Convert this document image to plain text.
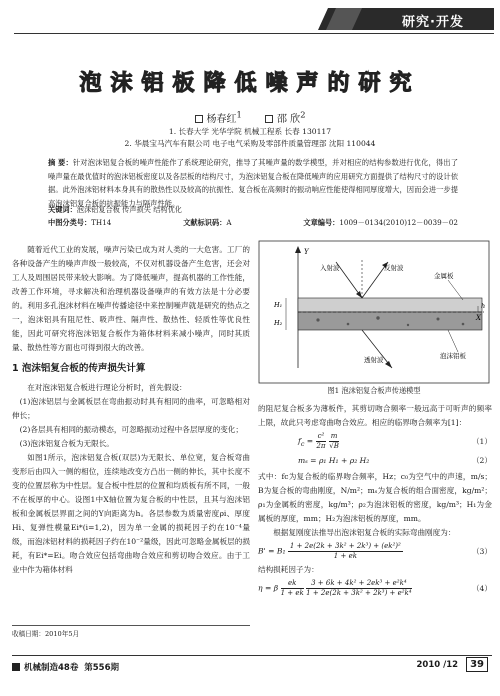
研究·开发
泡沫铝板降低噪声的研究
杨春红$^1$	邵 欣$^2$
1. 长春大学 光华学院 机械工程系 长春 130117
2. 华晨宝马汽车有限公司 电子电气采购及零部件质量管理部 沈阳 110044
摘 要：针对泡沫铝复合板的噪声性能作了系统理论研究，推导了其噪声量的数学模型，并对相应的结构参数进行优化，得出了噪声量在最优值时的泡沫铝板密度以及各层板的结构尺寸，为泡沫铝复合板在降低噪声的应用研究方面提供了结构尺寸的设计依据。此外泡沫铝材料本身具有的散热性以及较高的抗振性、复合板在高频时的振动响应性能使得相同厚度增大，因而会进一步提高泡沫铝复合板的抗振能力与隔声性能。
关键词：泡沫铝复合板 传声损失 结构优化
中图分类号：TH14	文献标识码：A	文章编号：1009－0134(2010)12－0039－02

随着近代工业的发展，噪声污染已成为对人类的一大危害。工厂的各种设备产生的噪声声级一般较高，不仅对机器设备产生危害，还会对工人及周围居民带来较大影响。为了降低噪声，提高机器的工作性能，改善工作环境，寻求解决和治理机器设备噪声的有效方法是十分必要的。利用多孔泡沫材料在噪声传播途径中来控制噪声就是研究的热点之一，泡沫铝具有阻尼性、吸声性、隔声性、散热性、轻质性等优良性能，因此可研究将泡沫铝复合板作为箱体材料来减小噪声，同时其质量、散热性等方面也可得到很大的改善。

1 泡沫铝复合板的传声损失计算

在对泡沫铝复合板进行理论分析时，首先假设：

(1)泡沫铝层与金属板层在弯曲振动时具有相同的曲率，可忽略相对伸长；

(2)各层具有相同的振动模态，可忽略振动过程中各层厚度的变化；

(3)泡沫铝复合板为无限长。

如图1所示，泡沫铝复合板(双层)为无限长、单位宽，复合板弯曲变形后由四入一侧的相位，连续地改变方凸出一侧的伸长，其中长度不变的位置层称为中性层。复合板中性层的位置和均质板有所不同，一般不在板厚的中心。设图1中X轴位置为复合板的中性层，且其与泡沫铝板和金属板层界面之间的Y向距离为h。各层参数为质量密度ρi、厚度Hi、复弹性模量Ei*(i=1,2)，因为单一金属的损耗因子约在10⁻⁴量级，而泡沫铝材料的损耗因子约在10⁻²量级，因此可忽略金属板层的损耗，有Ei*=Ei。吻合效应包括弯曲吻合效应和剪切吻合效应。由于工业中作为箱体材料

收稿日期：2010年5月
Y
X
入射波	反射波
金属板
H₁
H₂
h
透射波	泡沫铝板
图1 泡沫铝复合板声传递模型

的阻尼复合板多为薄板件，其剪切吻合频率一般远高于可听声的频率上限，故此只考虑弯曲吻合效应。相应的临界吻合频率为[1]：

$f_c = \frac{\text{c²}}{2\pi}$
$\frac{m}{√B}$	（1）
mₛ = ρ₁ H₁ + ρ₂ H₂	（2）

式中：fc为复合板的临界吻合频率，Hz；c₀为空气中的声速，m/s；B为复合板的弯曲刚度，N/m²；mₛ为复合板的组合面密度，kg/m²；ρ₁为金属板的密度，kg/m³；ρ₂为泡沫铝板的密度，kg/m³；H₁为金属板的厚度，mm；H₂为泡沫铝板的厚度，mm。

根据复刚度法推导出泡沫铝复合板的实际弯曲刚度为：

$B' = B_1 \frac{\text{1 + 2e(2k + 3k² + 2k³) + (ek²)²}}{1 + ek}$	（3）

结构损耗因子为：

η = β $\frac{ek}{1 + ek}$
$\frac{\text{3 + 6k + 4k² + 2ek³ + e²k⁴}}{\text{1 + 2e(2k + 3k² + 2k³) + e²k⁴}}$	（4）
机械制造48卷 第556期	2010 /12	39
